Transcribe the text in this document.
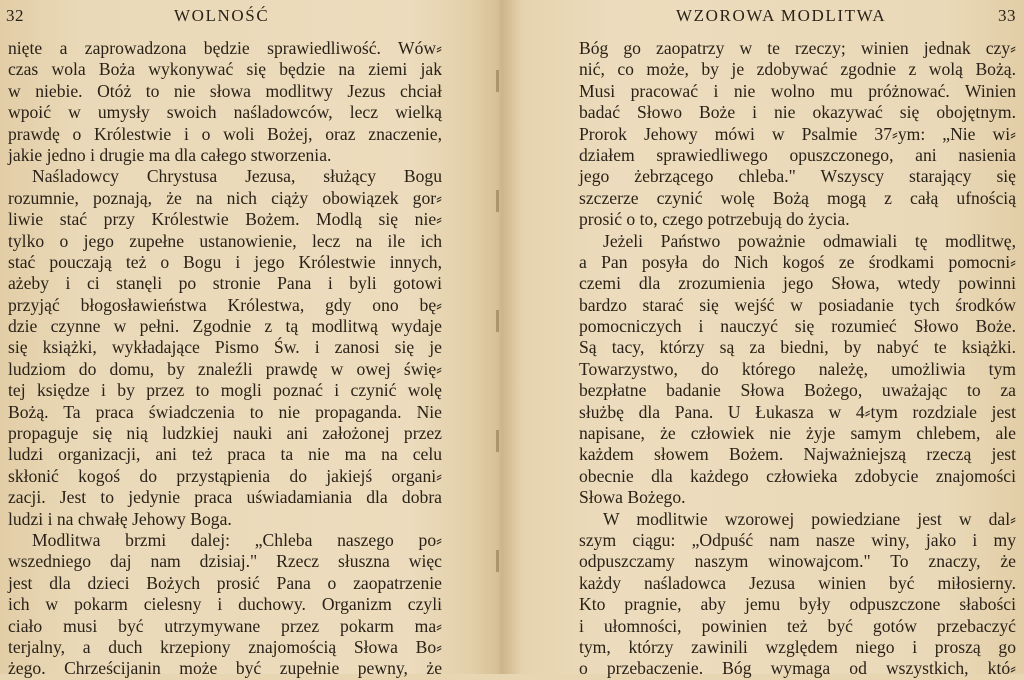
32	WOLNOŚĆ
nięte a zaprowadzona będzie sprawiedliwość. Wów⸗
czas wola Boża wykonywać się będzie na ziemi jak
w niebie. Otóż to nie słowa modlitwy Jezus chciał
wpoić w umysły swoich naśladowców, lecz wielką
prawdę o Królestwie i o woli Bożej, oraz znaczenie,
jakie jedno i drugie ma dla całego stworzenia.
Naśladowcy Chrystusa Jezusa, służący Bogu
rozumnie, poznają, że na nich ciąży obowiązek gor⸗
liwie stać przy Królestwie Bożem. Modlą się nie⸗
tylko o jego zupełne ustanowienie, lecz na ile ich
stać pouczają też o Bogu i jego Królestwie innych,
ażeby i ci stanęli po stronie Pana i byli gotowi
przyjąć błogosławieństwa Królestwa, gdy ono bę⸗
dzie czynne w pełni. Zgodnie z tą modlitwą wydaje
się książki, wykładające Pismo Św. i zanosi się je
ludziom do domu, by znaleźli prawdę w owej świę⸗
tej księdze i by przez to mogli poznać i czynić wolę
Bożą. Ta praca świadczenia to nie propaganda. Nie
propaguje się nią ludzkiej nauki ani założonej przez
ludzi organizacji, ani też praca ta nie ma na celu
skłonić kogoś do przystąpienia do jakiejś organi⸗
zacji. Jest to jedynie praca uświadamiania dla dobra
ludzi i na chwałę Jehowy Boga.
Modlitwa brzmi dalej: „Chleba naszego po⸗
wszedniego daj nam dzisiaj." Rzecz słuszna więc
jest dla dzieci Bożych prosić Pana o zaopatrzenie
ich w pokarm cielesny i duchowy. Organizm czyli
ciało musi być utrzymywane przez pokarm ma⸗
terjalny, a duch krzepiony znajomością Słowa Bo⸗
żego. Chrześcijanin może być zupełnie pewny, że
WZOROWA MODLITWA	33
Bóg go zaopatrzy w te rzeczy; winien jednak czy⸗
nić, co może, by je zdobywać zgodnie z wolą Bożą.
Musi pracować i nie wolno mu próżnować. Winien
badać Słowo Boże i nie okazywać się obojętnym.
Prorok Jehowy mówi w Psalmie 37⸗ym: „Nie wi⸗
działem sprawiedliwego opuszczonego, ani nasienia
jego żebrzącego chleba." Wszyscy starający się
szczerze czynić wolę Bożą mogą z całą ufnością
prosić o to, czego potrzebują do życia.
Jeżeli Państwo poważnie odmawiali tę modlitwę,
a Pan posyła do Nich kogoś ze środkami pomocni⸗
czemi dla zrozumienia jego Słowa, wtedy powinni
bardzo starać się wejść w posiadanie tych środków
pomocniczych i nauczyć się rozumieć Słowo Boże.
Są tacy, którzy są za biedni, by nabyć te książki.
Towarzystwo, do którego należę, umożliwia tym
bezpłatne badanie Słowa Bożego, uważając to za
służbę dla Pana. U Łukasza w 4⸗tym rozdziale jest
napisane, że człowiek nie żyje samym chlebem, ale
każdem słowem Bożem. Najważniejszą rzeczą jest
obecnie dla każdego człowieka zdobycie znajomości
Słowa Bożego.
W modlitwie wzorowej powiedziane jest w dal⸗
szym ciągu: „Odpuść nam nasze winy, jako i my
odpuszczamy naszym winowajcom." To znaczy, że
każdy naśladowca Jezusa winien być miłosierny.
Kto pragnie, aby jemu były odpuszczone słabości
i ułomności, powinien też być gotów przebaczyć
tym, którzy zawinili względem niego i proszą go
o przebaczenie. Bóg wymaga od wszystkich, któ⸗
